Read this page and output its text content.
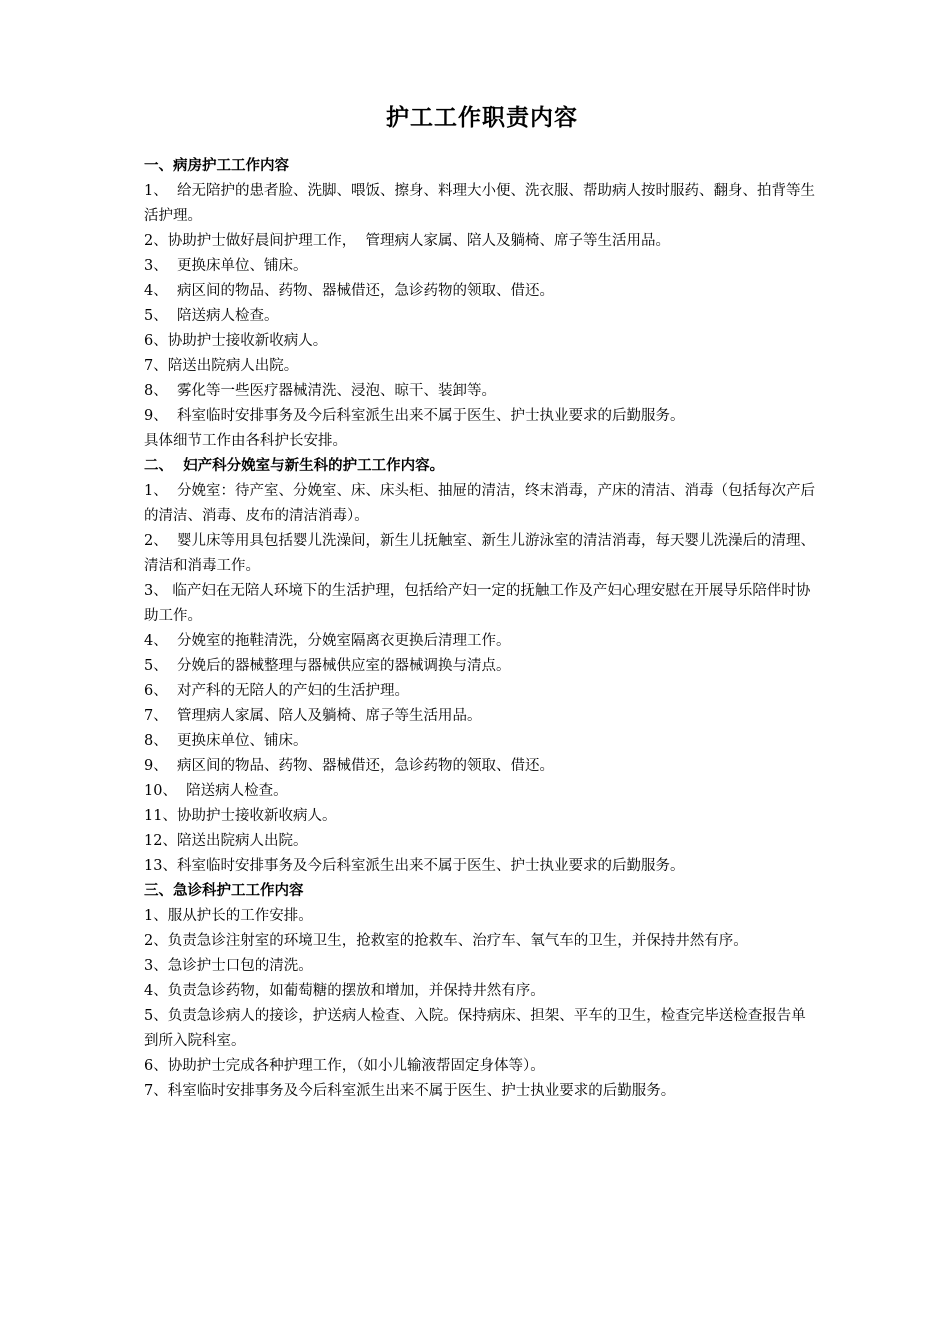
护工工作职责内容
一、病房护工工作内容
1、  给无陪护的患者脸、洗脚、喂饭、擦身、料理大小便、洗衣服、帮助病人按时服药、翻身、拍背等生活护理。
2、协助护士做好晨间护理工作，  管理病人家属、陪人及躺椅、席子等生活用品。
3、  更换床单位、铺床。
4、  病区间的物品、药物、器械借还，急诊药物的领取、借还。
5、  陪送病人检查。
6、协助护士接收新收病人。
7、陪送出院病人出院。
8、  雾化等一些医疗器械清洗、浸泡、晾干、装卸等。
9、  科室临时安排事务及今后科室派生出来不属于医生、护士执业要求的后勤服务。
具体细节工作由各科护长安排。
二、  妇产科分娩室与新生科的护工工作内容。
1、  分娩室：待产室、分娩室、床、床头柜、抽屉的清洁，终末消毒，产床的清洁、消毒（包括每次产后的清洁、消毒、皮布的清洁消毒）。
2、  婴儿床等用具包括婴儿洗澡间，新生儿抚触室、新生儿游泳室的清洁消毒，每天婴儿洗澡后的清理、清洁和消毒工作。
3、 临产妇在无陪人环境下的生活护理，包括给产妇一定的抚触工作及产妇心理安慰在开展导乐陪伴时协助工作。
4、  分娩室的拖鞋清洗，分娩室隔离衣更换后清理工作。
5、  分娩后的器械整理与器械供应室的器械调换与清点。
6、  对产科的无陪人的产妇的生活护理。
7、  管理病人家属、陪人及躺椅、席子等生活用品。
8、  更换床单位、铺床。
9、  病区间的物品、药物、器械借还，急诊药物的领取、借还。
10、  陪送病人检查。
11、协助护士接收新收病人。
12、陪送出院病人出院。
13、科室临时安排事务及今后科室派生出来不属于医生、护士执业要求的后勤服务。
三、急诊科护工工作内容
1、服从护长的工作安排。
2、负责急诊注射室的环境卫生，抢救室的抢救车、治疗车、氧气车的卫生，并保持井然有序。
3、急诊护士口包的清洗。
4、负责急诊药物，如葡萄糖的摆放和增加，并保持井然有序。
5、负责急诊病人的接诊，护送病人检查、入院。保持病床、担架、平车的卫生，检查完毕送检查报告单到所入院科室。
6、协助护士完成各种护理工作，（如小儿输液帮固定身体等）。
7、科室临时安排事务及今后科室派生出来不属于医生、护士执业要求的后勤服务。
